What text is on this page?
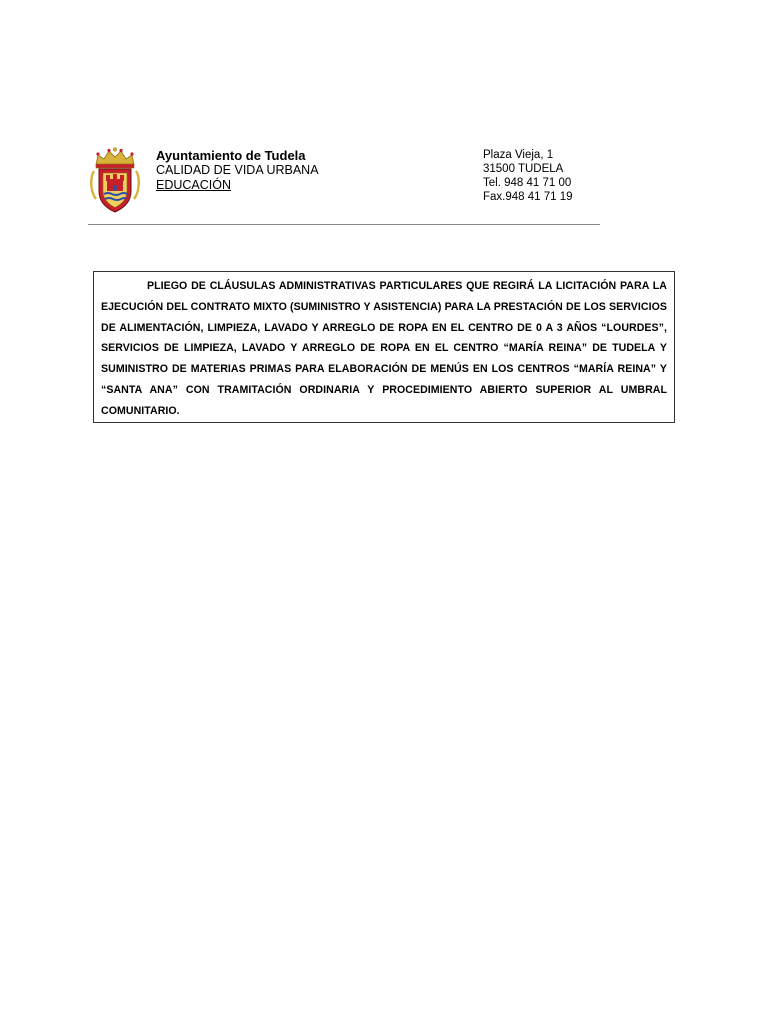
Ayuntamiento de Tudela
CALIDAD DE VIDA URBANA
EDUCACIÓN
Plaza Vieja, 1
31500 TUDELA
Tel. 948 41 71 00
Fax.948 41 71 19

PLIEGO DE CLÁUSULAS ADMINISTRATIVAS PARTICULARES QUE REGIRÁ LA LICITACIÓN PARA LA EJECUCIÓN DEL CONTRATO MIXTO (SUMINISTRO Y ASISTENCIA) PARA LA PRESTACIÓN DE LOS SERVICIOS DE ALIMENTACIÓN, LIMPIEZA, LAVADO Y ARREGLO DE ROPA EN EL CENTRO DE 0 A 3 AÑOS “LOURDES”, SERVICIOS DE LIMPIEZA, LAVADO Y ARREGLO DE ROPA EN EL CENTRO “MARÍA REINA” DE TUDELA Y SUMINISTRO DE MATERIAS PRIMAS PARA ELABORACIÓN DE MENÚS EN LOS CENTROS “MARÍA REINA” Y “SANTA ANA” CON TRAMITACIÓN ORDINARIA Y PROCEDIMIENTO ABIERTO SUPERIOR AL UMBRAL COMUNITARIO.
